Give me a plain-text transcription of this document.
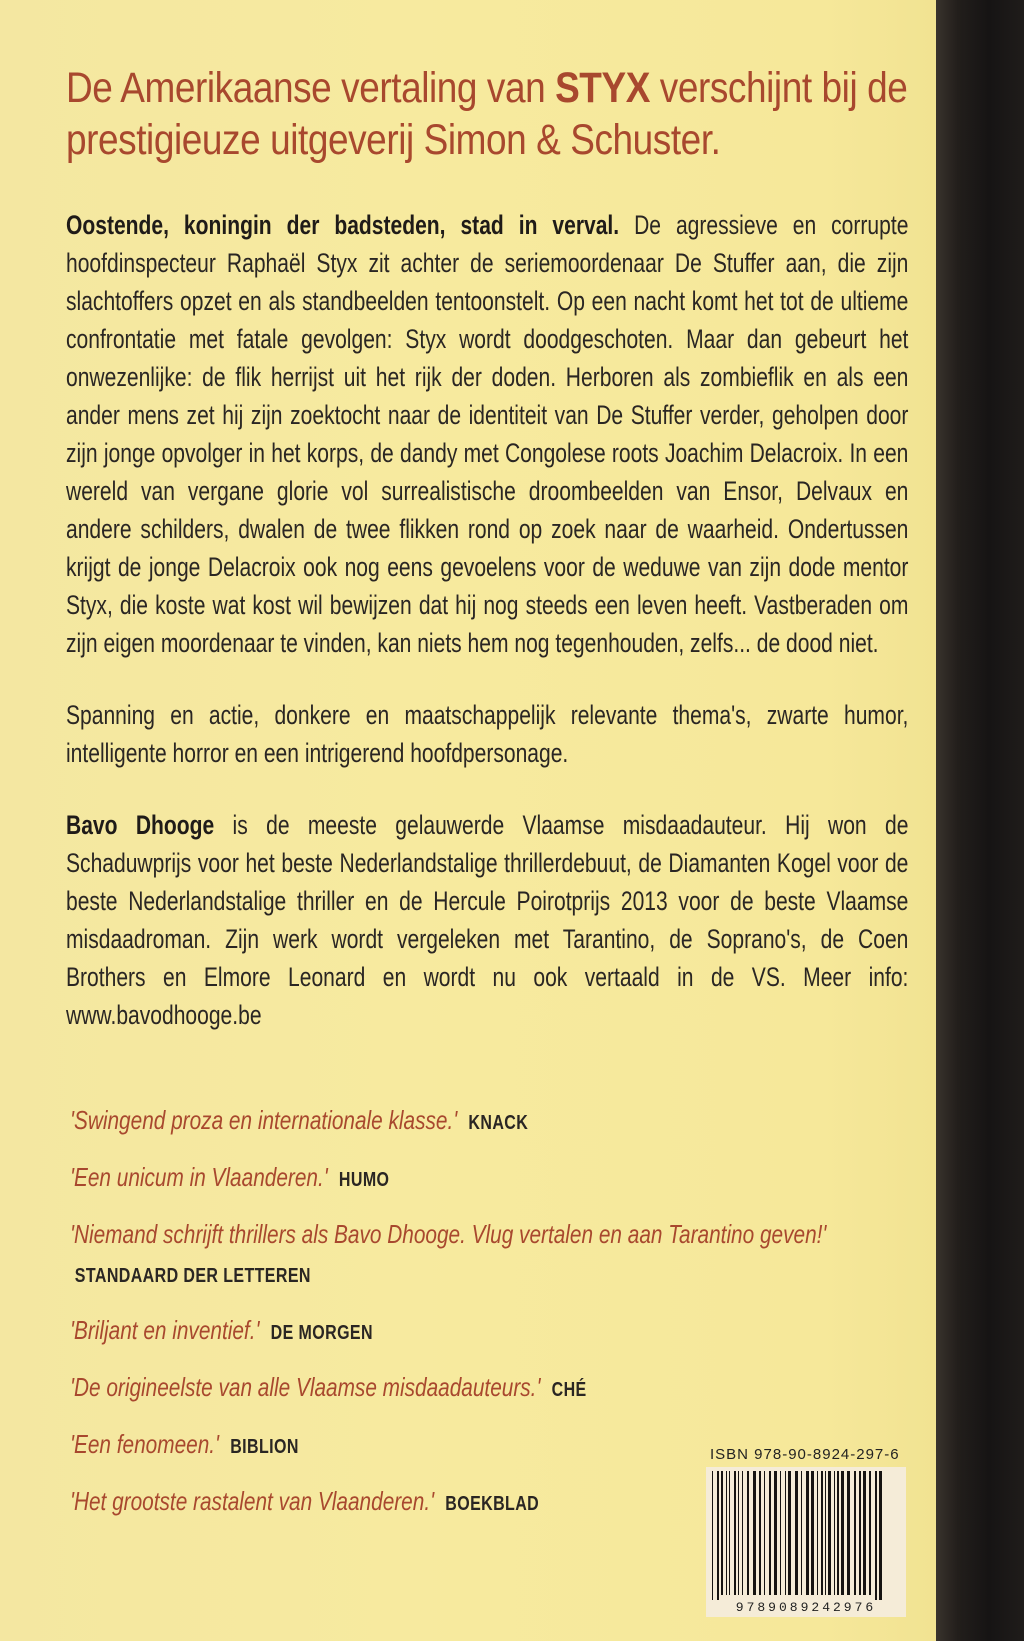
De Amerikaanse vertaling van STYX verschijnt bij de prestigieuze uitgeverij Simon & Schuster.

Oostende, koningin der badsteden, stad in verval. De agressieve en corrupte hoofdinspecteur Raphaël Styx zit achter de seriemoordenaar De Stuffer aan, die zijn slachtoffers opzet en als standbeelden tentoonstelt. Op een nacht komt het tot de ultieme confrontatie met fatale gevolgen: Styx wordt doodgeschoten. Maar dan gebeurt het onwezenlijke: de flik herrijst uit het rijk der doden. Herboren als zombieflik en als een ander mens zet hij zijn zoektocht naar de identiteit van De Stuffer verder, geholpen door zijn jonge opvolger in het korps, de dandy met Congolese roots Joachim Delacroix. In een wereld van vergane glorie vol surrealistische droombeelden van Ensor, Delvaux en andere schilders, dwalen de twee flikken rond op zoek naar de waarheid. Ondertussen krijgt de jonge Delacroix ook nog eens gevoelens voor de weduwe van zijn dode mentor Styx, die koste wat kost wil bewijzen dat hij nog steeds een leven heeft. Vastberaden om zijn eigen moordenaar te vinden, kan niets hem nog tegenhouden, zelfs... de dood niet.

Spanning en actie, donkere en maatschappelijk relevante thema's, zwarte humor, intelligente horror en een intrigerend hoofdpersonage.

Bavo Dhooge is de meeste gelauwerde Vlaamse misdaadauteur. Hij won de Schaduwprijs voor het beste Nederlandstalige thrillerdebuut, de Diamanten Kogel voor de beste Nederlandstalige thriller en de Hercule Poirotprijs 2013 voor de beste Vlaamse misdaadroman. Zijn werk wordt vergeleken met Tarantino, de Soprano's, de Coen Brothers en Elmore Leonard en wordt nu ook vertaald in de VS. Meer info: www.bavodhooge.be

'Swingend proza en internationale klasse.' KNACK

'Een unicum in Vlaanderen.' HUMO

'Niemand schrijft thrillers als Bavo Dhooge. Vlug vertalen en aan Tarantino geven!'
STANDAARD DER LETTEREN

'Briljant en inventief.' DE MORGEN

'De origineelste van alle Vlaamse misdaadauteurs.' CHÉ

'Een fenomeen.' BIBLION

'Het grootste rastalent van Vlaanderen.' BOEKBLAD

ISBN 978-90-8924-297-6
9789089242976
